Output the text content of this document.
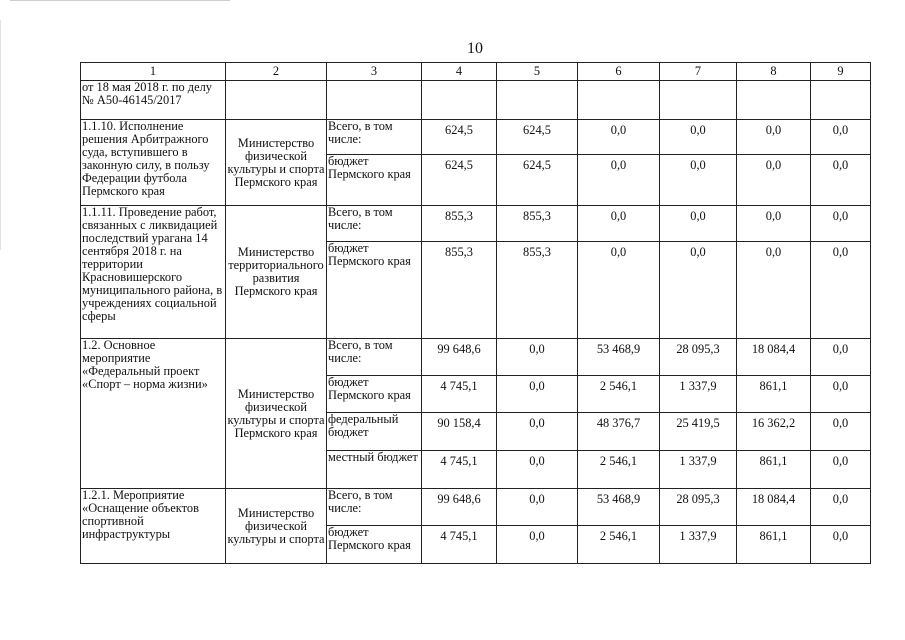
10
1	2	3	4	5	6	7	8	9
от 18 мая 2018 г. по делу № А50-46145/2017								
1.1.10. Исполнение решения Арбитражного суда, вступившего в законную силу, в пользу Федерации футбола Пермского края	Министерство физической культуры и спорта Пермского края	Всего, в том числе:	624,5	624,5	0,0	0,0	0,0	0,0
		бюджет Пермского края	624,5	624,5	0,0	0,0	0,0	0,0
1.1.11. Проведение работ, связанных с ликвидацией последствий урагана 14 сентября 2018 г. на территории Красновишерского муниципального района, в учреждениях социальной сферы	Министерство территориального развития Пермского края	Всего, в том числе:	855,3	855,3	0,0	0,0	0,0	0,0
		бюджет Пермского края	855,3	855,3	0,0	0,0	0,0	0,0
1.2. Основное мероприятие «Федеральный проект «Спорт – норма жизни»	Министерство физической культуры и спорта Пермского края	Всего, в том числе:	99 648,6	0,0	53 468,9	28 095,3	18 084,4	0,0
		бюджет Пермского края	4 745,1	0,0	2 546,1	1 337,9	861,1	0,0
		федеральный бюджет	90 158,4	0,0	48 376,7	25 419,5	16 362,2	0,0
		местный бюджет	4 745,1	0,0	2 546,1	1 337,9	861,1	0,0
1.2.1. Мероприятие «Оснащение объектов спортивной инфраструктуры	Министерство физической культуры и спорта	Всего, в том числе:	99 648,6	0,0	53 468,9	28 095,3	18 084,4	0,0
		бюджет Пермского края	4 745,1	0,0	2 546,1	1 337,9	861,1	0,0
